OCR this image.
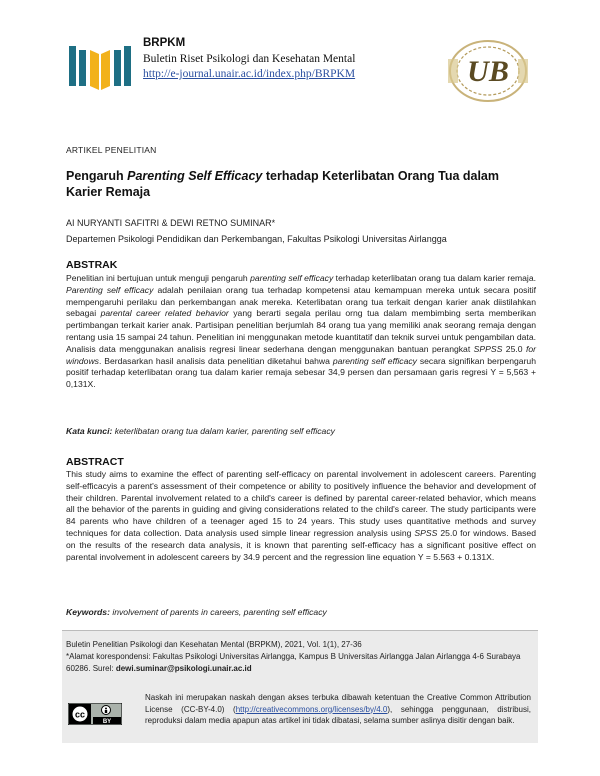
BRPKM
Buletin Riset Psikologi dan Kesehatan Mental
http://e-journal.unair.ac.id/index.php/BRPKM	UB
ARTIKEL PENELITIAN
Pengaruh Parenting Self Efficacy terhadap Keterlibatan Orang Tua dalam Karier Remaja
AI NURYANTI SAFITRI & DEWI RETNO SUMINAR*
Departemen Psikologi Pendidikan dan Perkembangan, Fakultas Psikologi Universitas Airlangga
ABSTRAK
Penelitian ini bertujuan untuk menguji pengaruh parenting self efficacy terhadap keterlibatan orang tua dalam karier remaja. Parenting self efficacy adalah penilaian orang tua terhadap kompetensi atau kemampuan mereka untuk secara positif mempengaruhi perilaku dan perkembangan anak mereka. Keterlibatan orang tua terkait dengan karier anak diistilahkan sebagai parental career related behavior yang berarti segala perilau orng tua dalam membimbing serta memberikan pertimbangan terkait karier anak. Partisipan penelitian berjumlah 84 orang tua yang memiliki anak seorang remaja dengan rentang usia 15 sampai 24 tahun. Penelitian ini menggunakan metode kuantitatif dan teknik survei untuk pengambilan data. Analisis data menggunakan analisis regresi linear sederhana dengan menggunakan bantuan perangkat SPPSS 25.0 for windows. Berdasarkan hasil analisis data penelitian diketahui bahwa parenting self efficacy secara signifikan berpengaruh positif terhadap keterlibatan orang tua dalam karier remaja sebesar 34,9 persen dan persamaan garis regresi Y = 5,563 + 0,131X.
Kata kunci: keterlibatan orang tua dalam karier, parenting self efficacy
ABSTRACT
This study aims to examine the effect of parenting self-efficacy on parental involvement in adolescent careers. Parenting self-efficacyis a parent's assessment of their competence or ability to positively influence the behavior and development of their children. Parental involvement related to a child's career is defined by parental career-related behavior, which means all the behavior of the parents in guiding and giving considerations related to the child's career. The study participants were 84 parents who have children of a teenager aged 15 to 24 years. This study uses quantitative methods and survey techniques for data collection. Data analysis used simple linear regression analysis using SPSS 25.0 for windows. Based on the results of the research data analysis, it is known that parenting self-efficacy has a significant positive effect on parental involvement in adolescent careers by 34.9 percent and the regression line equation Y = 5.563 + 0.131X.
Keywords: involvement of parents in careers, parenting self efficacy
Buletin Penelitian Psikologi dan Kesehatan Mental (BRPKM), 2021, Vol. 1(1), 27-36
*Alamat korespondensi: Fakultas Psikologi Universitas Airlangga, Kampus B Universitas Airlangga Jalan Airlangga 4-6 Surabaya 60286. Surel: dewi.suminar@psikologi.unair.ac.id
cc
BY
Naskah ini merupakan naskah dengan akses terbuka dibawah ketentuan the Creative Common Attribution License (CC-BY-4.0) (http://creativecommons.org/licenses/by/4.0), sehingga penggunaan, distribusi, reproduksi dalam media apapun atas artikel ini tidak dibatasi, selama sumber aslinya disitir dengan baik.
